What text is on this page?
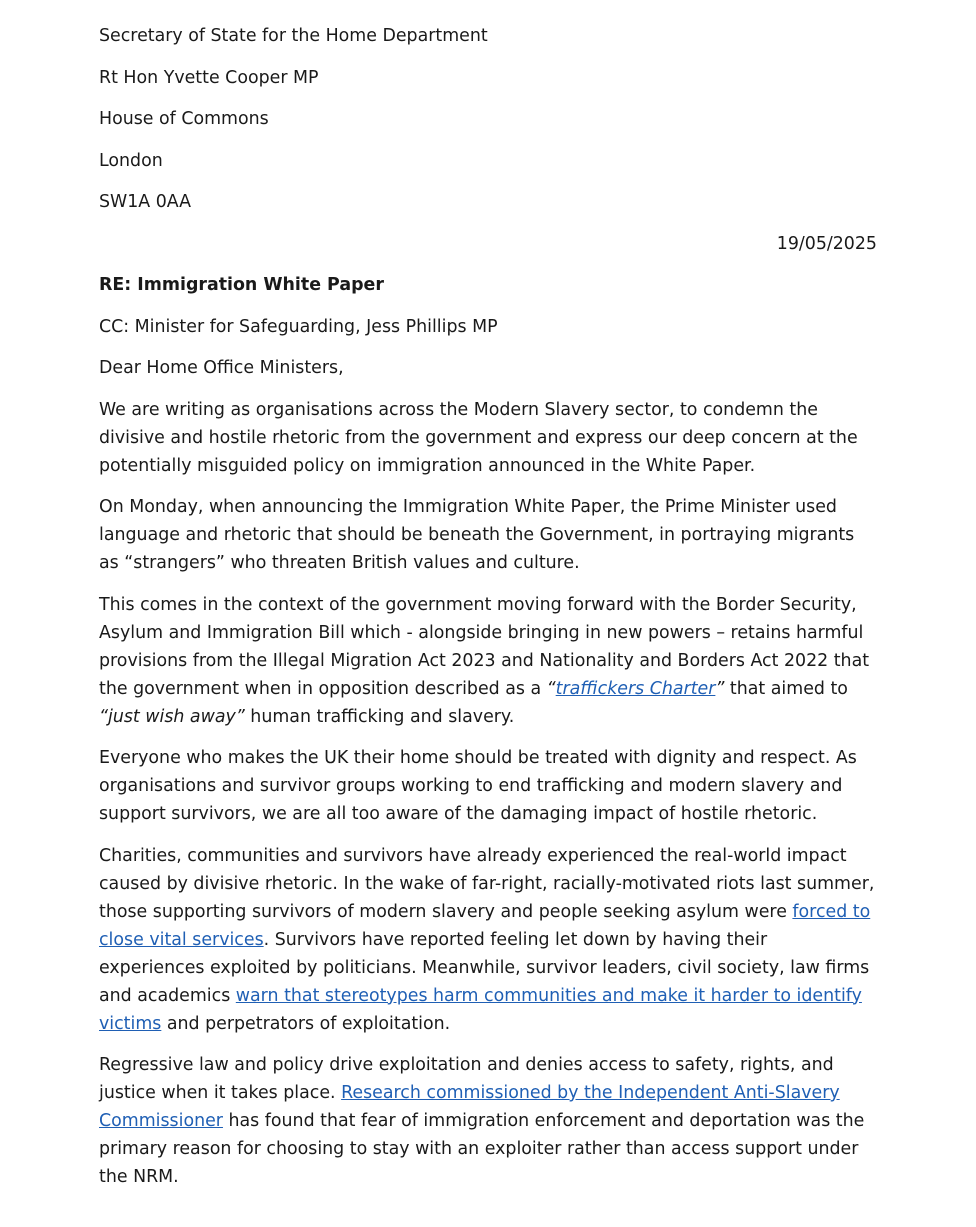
Secretary of State for the Home Department
Rt Hon Yvette Cooper MP
House of Commons
London
SW1A 0AA
19/05/2025
RE: Immigration White Paper
CC: Minister for Safeguarding, Jess Phillips MP
Dear Home Office Ministers,

We are writing as organisations across the Modern Slavery sector, to condemn the divisive and hostile rhetoric from the government and express our deep concern at the potentially misguided policy on immigration announced in the White Paper.

On Monday, when announcing the Immigration White Paper, the Prime Minister used language and rhetoric that should be beneath the Government, in portraying migrants as “strangers” who threaten British values and culture.

This comes in the context of the government moving forward with the Border Security, Asylum and Immigration Bill which - alongside bringing in new powers – retains harmful provisions from the Illegal Migration Act 2023 and Nationality and Borders Act 2022 that the government when in opposition described as a “traffickers Charter” that aimed to “just wish away” human trafficking and slavery.

Everyone who makes the UK their home should be treated with dignity and respect. As organisations and survivor groups working to end trafficking and modern slavery and support survivors, we are all too aware of the damaging impact of hostile rhetoric.

Charities, communities and survivors have already experienced the real-world impact caused by divisive rhetoric. In the wake of far-right, racially-motivated riots last summer, those supporting survivors of modern slavery and people seeking asylum were forced to close vital services. Survivors have reported feeling let down by having their experiences exploited by politicians. Meanwhile, survivor leaders, civil society, law firms and academics warn that stereotypes harm communities and make it harder to identify victims and perpetrators of exploitation.

Regressive law and policy drive exploitation and denies access to safety, rights, and justice when it takes place. Research commissioned by the Independent Anti-Slavery Commissioner has found that fear of immigration enforcement and deportation was the primary reason for choosing to stay with an exploiter rather than access support under the NRM.
